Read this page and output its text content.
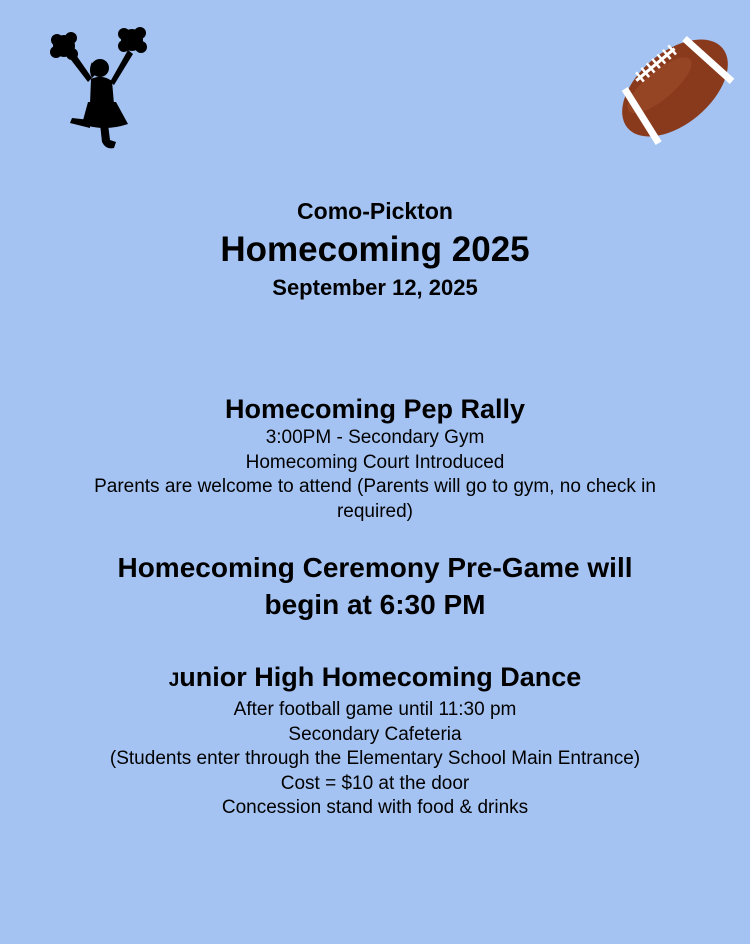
Como-Pickton
Homecoming 2025
September 12, 2025
Homecoming Pep Rally
3:00PM - Secondary Gym
Homecoming Court Introduced
Parents are welcome to attend (Parents will go to gym, no check in
required)
Homecoming Ceremony Pre-Game will
begin at 6:30 PM
Junior High Homecoming Dance
After football game until 11:30 pm
Secondary Cafeteria
(Students enter through the Elementary School Main Entrance)
Cost = $10 at the door
Concession stand with food & drinks
